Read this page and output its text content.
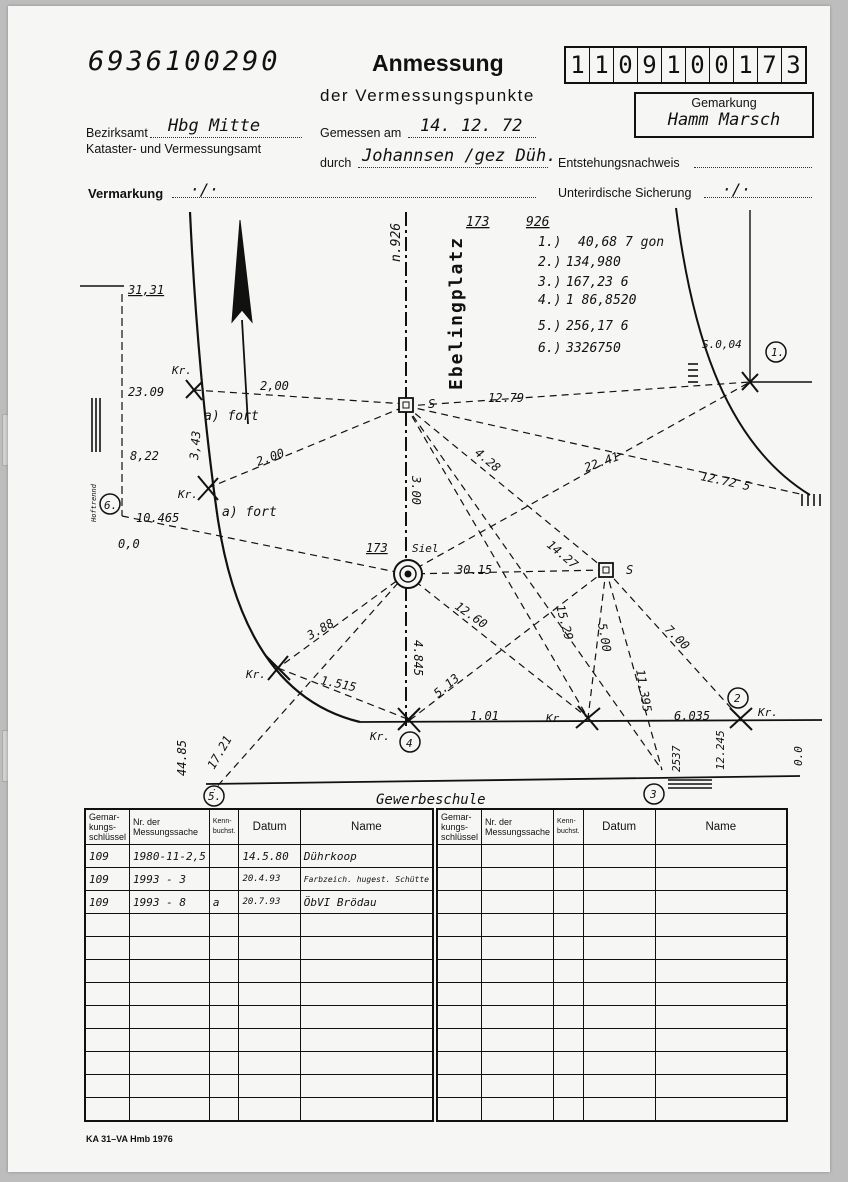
6936100290	Anmessung
der Vermessungspunkte
1 1 0 9 1 0 0 1 7 3
Gemarkung
Hamm Marsch
Bezirksamt Hbg Mitte
Kataster- und Vermessungsamt
Gemessen am 14. 12. 72
durch Johannsen /gez Düh. Entstehungsnachweis
Vermarkung ·/·	Unterirdische Sicherung ·/·
Ebelingplatz
n.926
Gewerbeschule
173	926
1.) 40,68 7 gon
2.) 134,980
3.) 167,23 6
4.) 1 86,8520
5.) 256,17 6
6.) 3326750
31,31
23.09
8,22
10.465
0,0
Hoftrennd 6.
Kr.
a) fort
2,00
3,43	2.00
Kr.
a) fort
S	12.79
4.28	22.41
12.72 5
S.0,04
1.
3.00
173 Siel
30.15	14.27	S
3.88	12.60	15.29 5.00	7.00
4.845
Kr.	1.515	5.13
Kr.
4
1.01	Kr.
11.395
6.035
2
Kr.
12.245
2537	0.0
3
44.85 17.21
5.
Gemar-kungs-schlüssel	Nr. der Messungssache	Kenn-buchst.	Datum	Name
109	1980-11-2,5		14.5.80	Dührkoop
109	1993 - 3		20.4.93	Farbzeich. hugest. Schütte
109	1993 - 8	a	20.7.93	ÖbVI Brödau

Gemar-kungs-schlüssel	Nr. der Messungssache	Kenn-buchst.	Datum	Name

KA 31–VA Hmb 1976
